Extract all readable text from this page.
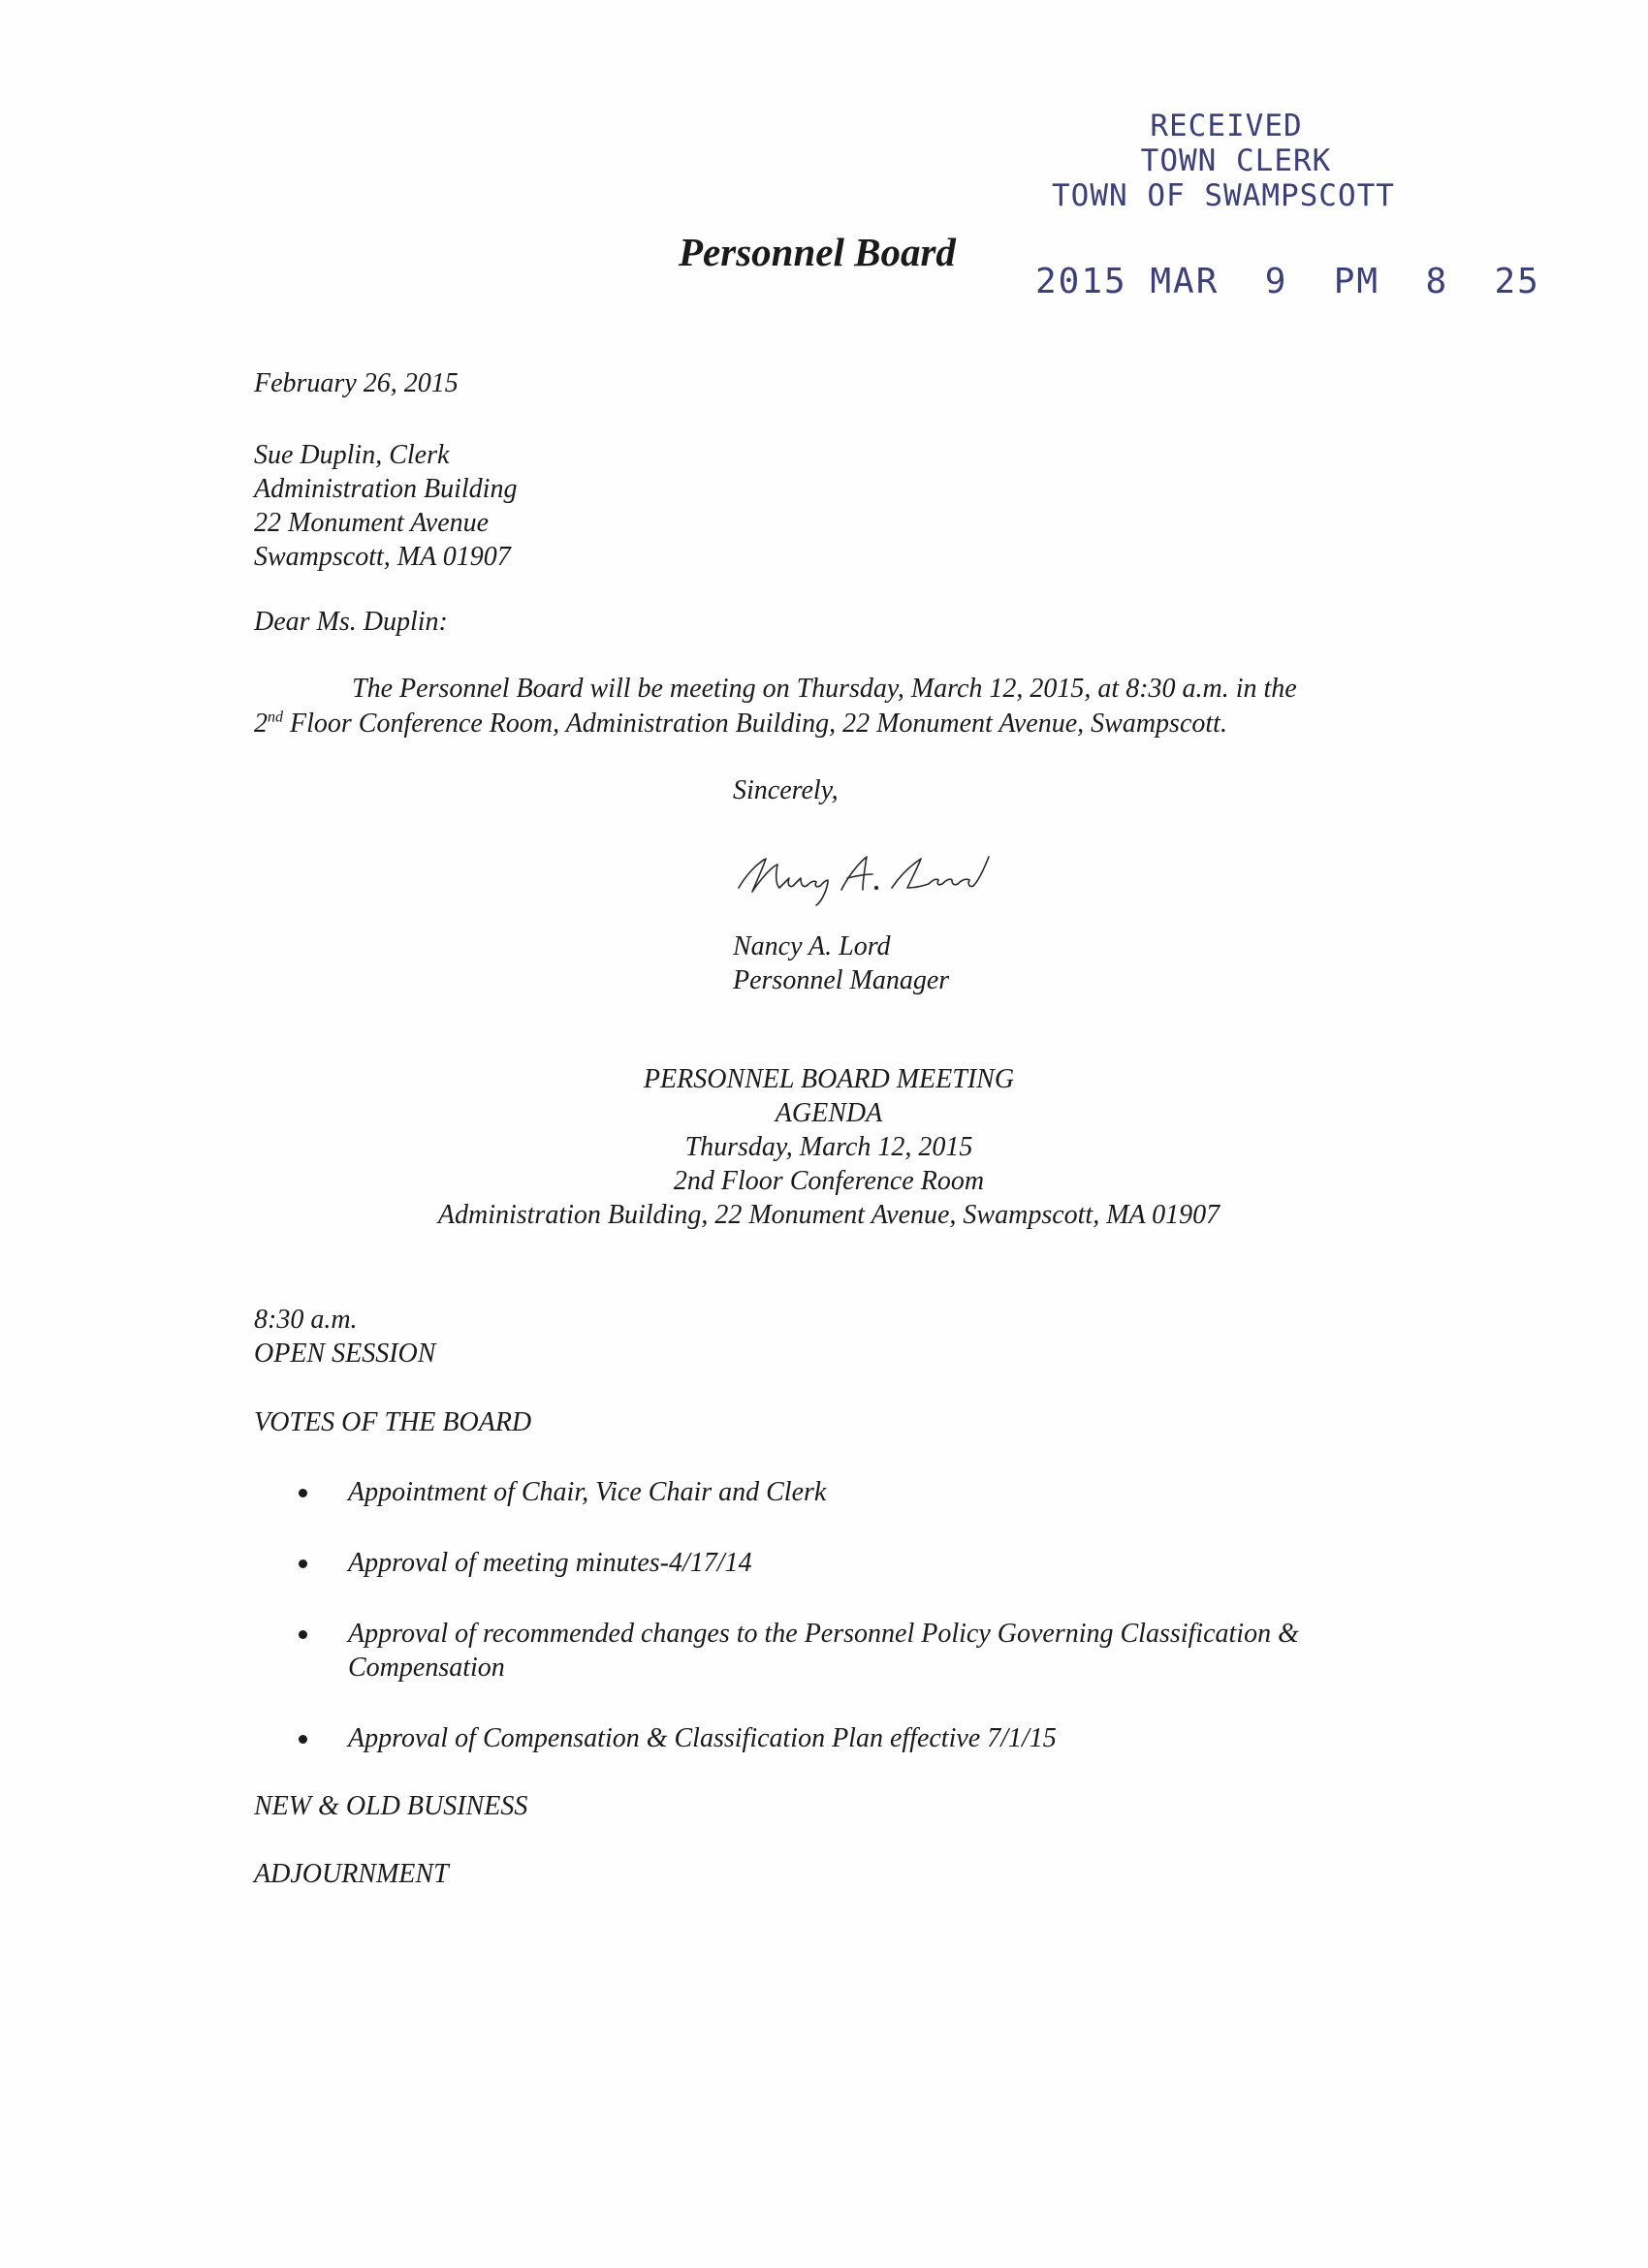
RECEIVED
TOWN CLERK
TOWN OF SWAMPSCOTT
2015 MAR  9  PM  8  25
Personnel Board
February 26, 2015
Sue Duplin, Clerk
Administration Building
22 Monument Avenue
Swampscott, MA 01907
Dear Ms. Duplin:
The Personnel Board will be meeting on Thursday, March 12, 2015, at 8:30 a.m. in the
2nd Floor Conference Room, Administration Building, 22 Monument Avenue, Swampscott.
Sincerely,
Nancy A. Lord
Personnel Manager
PERSONNEL BOARD MEETING
AGENDA
Thursday, March 12, 2015
2nd Floor Conference Room
Administration Building, 22 Monument Avenue, Swampscott, MA 01907
8:30 a.m.
OPEN SESSION
VOTES OF THE BOARD
Appointment of Chair, Vice Chair and Clerk
Approval of meeting minutes-4/17/14
Approval of recommended changes to the Personnel Policy Governing Classification &
Compensation
Approval of Compensation & Classification Plan effective 7/1/15
NEW & OLD BUSINESS
ADJOURNMENT
